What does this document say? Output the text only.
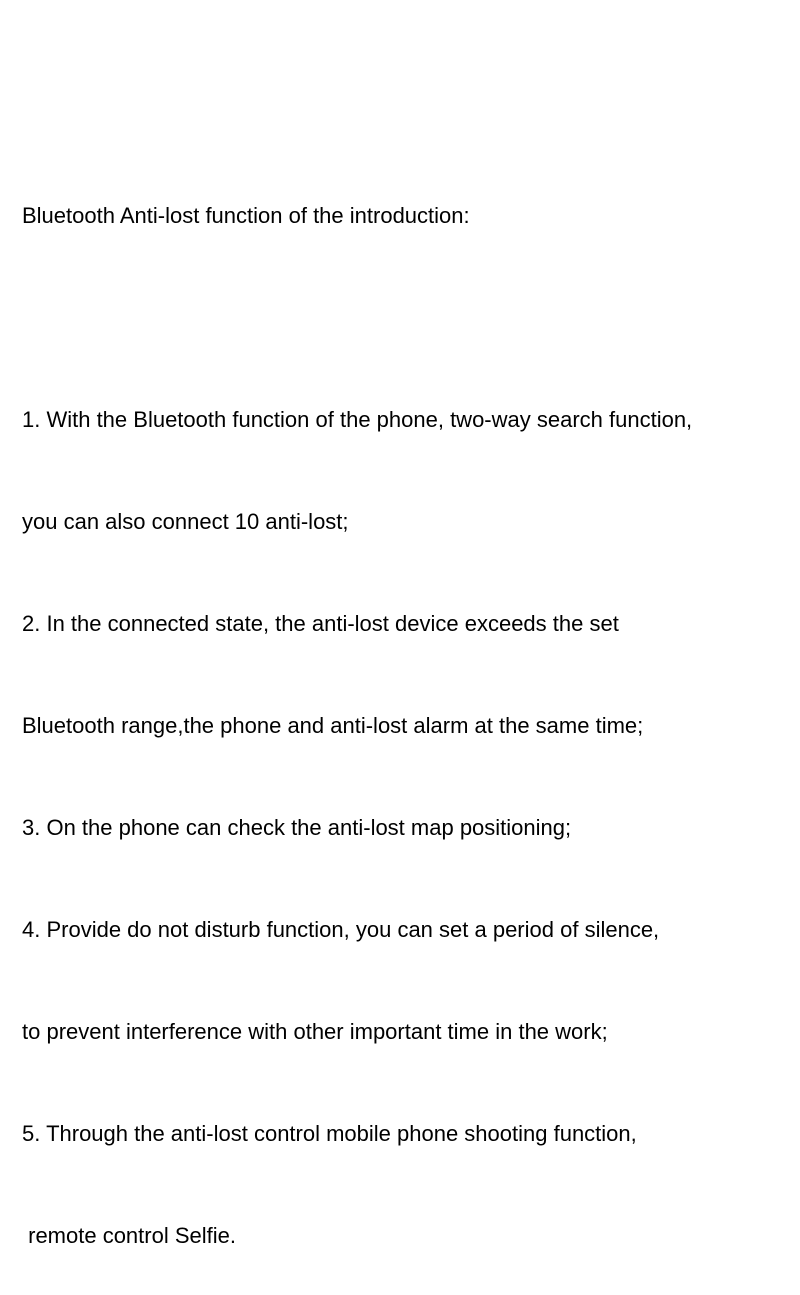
Bluetooth Anti-lost function of the introduction:

1. With the Bluetooth function of the phone, two-way search function,

you can also connect 10 anti-lost;

2. In the connected state, the anti-lost device exceeds the set

Bluetooth range,the phone and anti-lost alarm at the same time;

3. On the phone can check the anti-lost map positioning;

4. Provide do not disturb function, you can set a period of silence,

to prevent interference with other important time in the work;

5. Through the anti-lost control mobile phone shooting function,

remote control Selfie.
